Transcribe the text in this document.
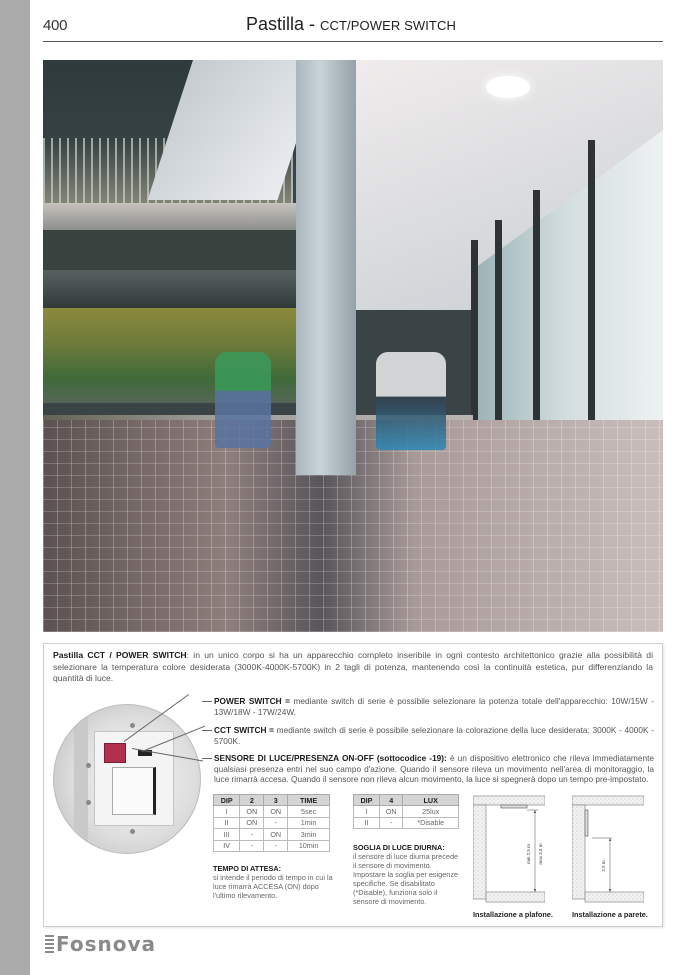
400	Pastilla - CCT/POWER SWITCH

Pastilla CCT / POWER SWITCH: in un unico corpo si ha un apparecchio completo inseribile in ogni contesto architettonico grazie alla possibilità di selezionare la temperatura colore desiderata (3000K-4000K-5700K) in 2 tagli di potenza, mantenendo così la continuità estetica, pur differenziando la quantità di luce.

POWER SWITCH = mediante switch di serie è possibile selezionare la potenza totale dell'apparecchio: 10W/15W - 13W/18W - 17W/24W.

CCT SWITCH = mediante switch di serie è possibile selezionare la colorazione della luce desiderata: 3000K - 4000K - 5700K.

SENSORE DI LUCE/PRESENZA ON-OFF (sottocodice -19): è un dispositivo elettronico che rileva immediatamente qualsiasi presenza entri nel suo campo d'azione. Quando il sensore rileva un movimento nell'area di monitoraggio, la luce rimarrà accesa. Quando il sensore non rileva alcun movimento, la luce si spegnerà dopo un tempo pre-impostato.

DIP	2	3	TIME
I	ON	ON	5sec
II	ON	-	1min
III	-	ON	3min
IV	-	-	10min
DIP	4	LUX
I	ON	25lux
II	-	*Disable

TEMPO DI ATTESA:
si intende il periodo di tempo in cui la luce rimarrà ACCESA (ON) dopo l'ultimo rilevamento.

SOGLIA DI LUCE DIURNA:
il sensore di luce diurna precede il sensore di movimento. Impostare la soglia per esigenze specifiche. Se disabilitato (*Disable), funziona solo il sensore di movimento.

min 2,5 m max 3,5 m
2,5 m
Installazione a plafone.	Installazione a parete.
Fosnova
